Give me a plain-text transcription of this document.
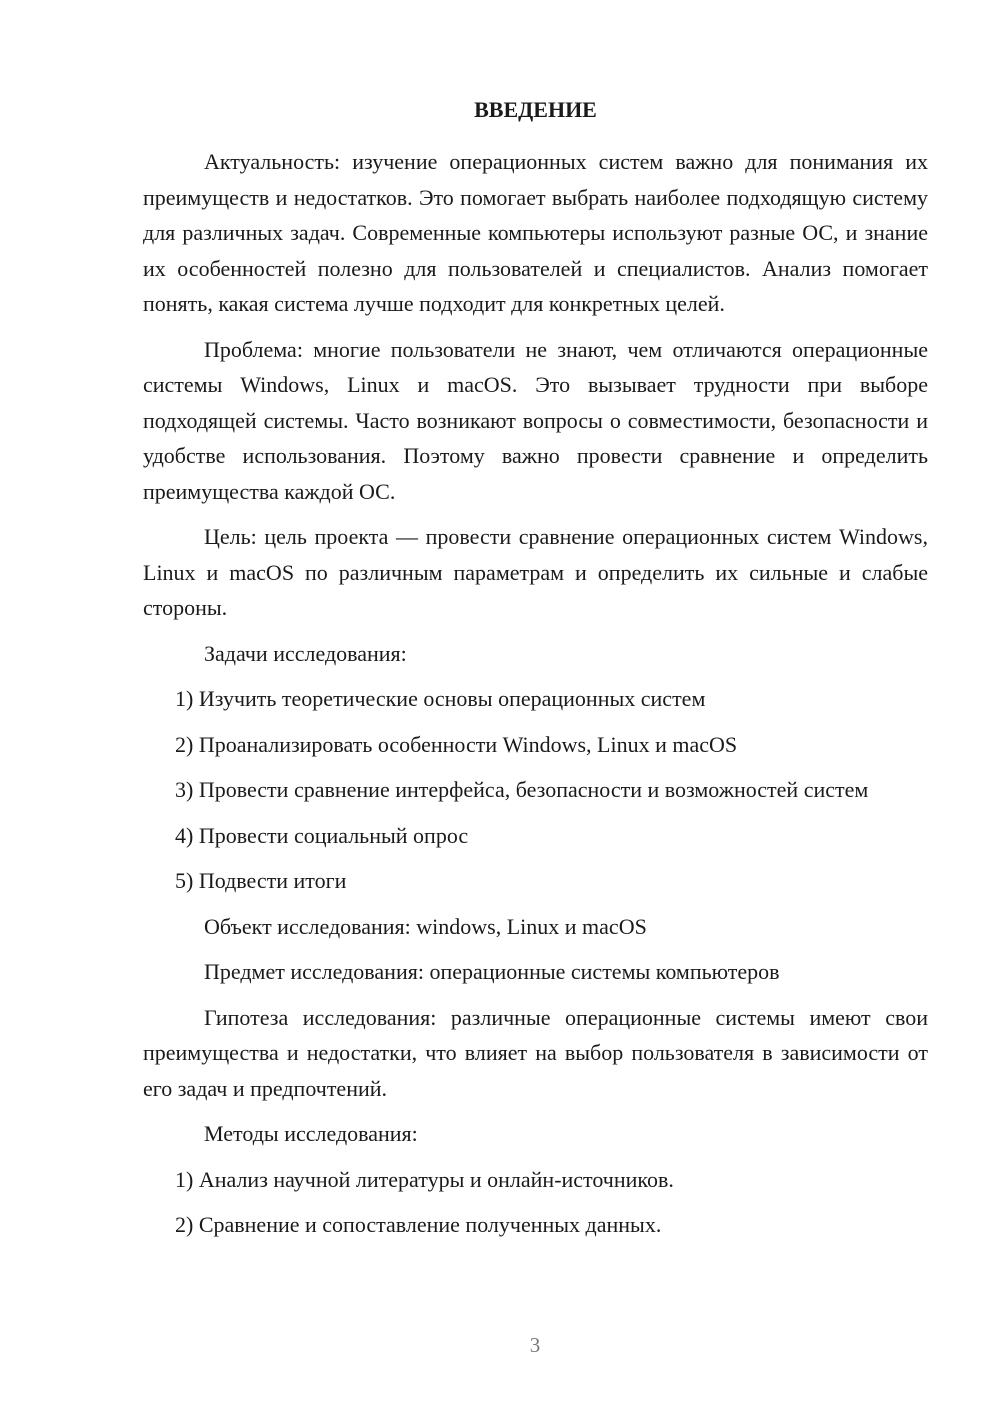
ВВЕДЕНИЕ

Актуальность: изучение операционных систем важно для понимания их преимуществ и недостатков. Это помогает выбрать наиболее подходящую систему для различных задач. Современные компьютеры используют разные ОС, и знание их особенностей полезно для пользователей и специалистов. Анализ помогает понять, какая система лучше подходит для конкретных целей.

Проблема: многие пользователи не знают, чем отличаются операционные системы Windows, Linux и macOS. Это вызывает трудности при выборе подходящей системы. Часто возникают вопросы о совместимости, безопасности и удобстве использования. Поэтому важно провести сравнение и определить преимущества каждой ОС.

Цель: цель проекта — провести сравнение операционных систем Windows, Linux и macOS по различным параметрам и определить их сильные и слабые стороны.

Задачи исследования:

1) Изучить теоретические основы операционных систем

2) Проанализировать особенности Windows, Linux и macOS

3) Провести сравнение интерфейса, безопасности и возможностей систем

4) Провести социальный опрос

5) Подвести итоги

Объект исследования: windows, Linux и macOS

Предмет исследования: операционные системы компьютеров

Гипотеза исследования: различные операционные системы имеют свои преимущества и недостатки, что влияет на выбор пользователя в зависимости от его задач и предпочтений.

Методы исследования:

1) Анализ научной литературы и онлайн-источников.

2) Сравнение и сопоставление полученных данных.

3
